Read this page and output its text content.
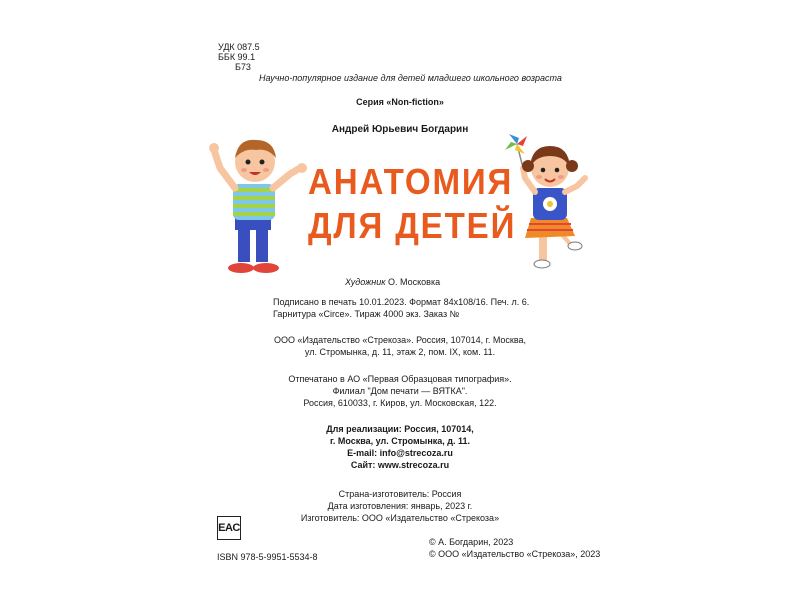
УДК 087.5
ББК 99.1
Б73
Научно-популярное издание для детей младшего школьного возраста
Серия «Non-fiction»
Андрей Юрьевич Богдарин
АНАТОМИЯ
ДЛЯ ДЕТЕЙ
Художник О. Московка
Подписано в печать 10.01.2023. Формат 84х108/16. Печ. л. 6.
Гарнитура «Circe». Тираж 4000 экз. Заказ №
ООО «Издательство «Стрекоза». Россия, 107014, г. Москва,
ул. Стромынка, д. 11, этаж 2, пом. IX, ком. 11.
Отпечатано в АО «Первая Образцовая типография».
Филиал "Дом печати — ВЯТКА".
Россия, 610033, г. Киров, ул. Московская, 122.
Для реализации: Россия, 107014,
г. Москва, ул. Стромынка, д. 11.
E-mail: info@strecoza.ru
Сайт: www.strecoza.ru
Страна-изготовитель: Россия
Дата изготовления: январь, 2023 г.
Изготовитель: ООО «Издательство «Стрекоза»
EAC
ISBN 978-5-9951-5534-8
© А. Богдарин, 2023
© ООО «Издательство «Стрекоза», 2023
